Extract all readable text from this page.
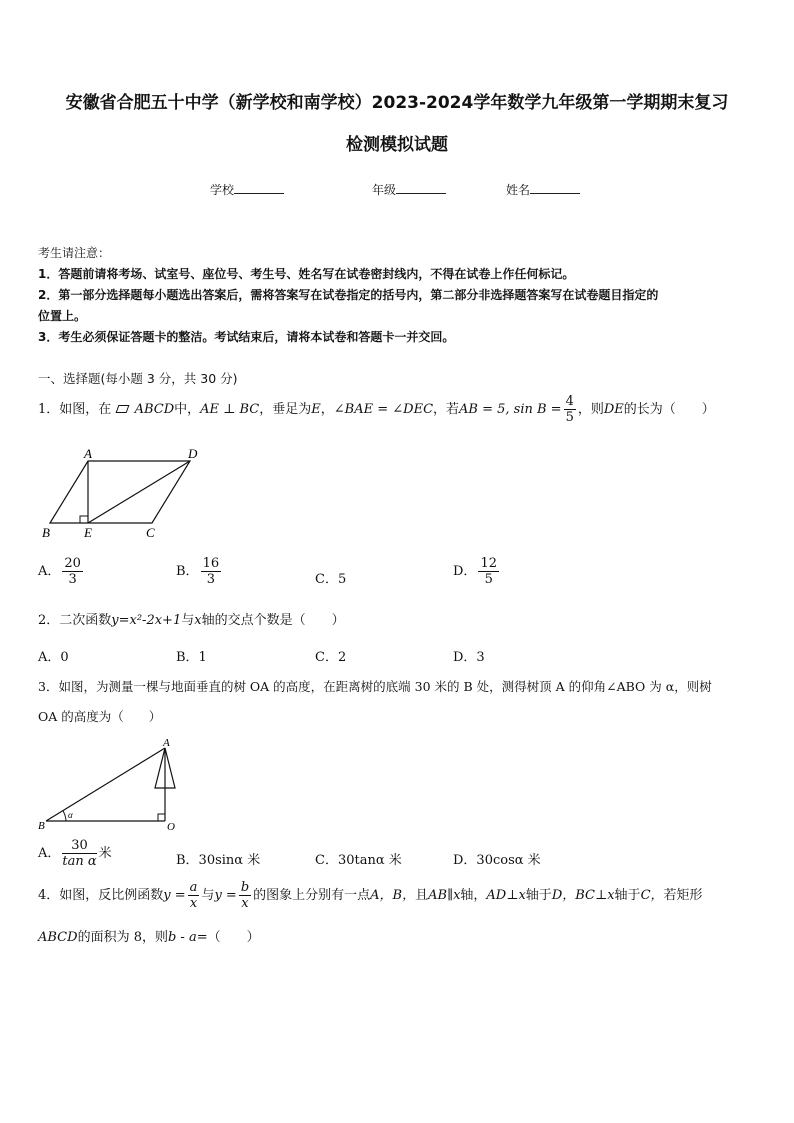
安徽省合肥五十中学（新学校和南学校）2023-2024学年数学九年级第一学期期末复习
检测模拟试题
学校	年级	姓名
考生请注意：
1．答题前请将考场、试室号、座位号、考生号、姓名写在试卷密封线内，不得在试卷上作任何标记。
2．第一部分选择题每小题选出答案后，需将答案写在试卷指定的括号内，第二部分非选择题答案写在试卷题目指定的
位置上。
3．考生必须保证答题卡的整洁。考试结束后，请将本试卷和答题卡一并交回。
一、选择题(每小题 3 分，共 30 分)
1．如图，在 ABCD中，AE ⊥ BC，垂足为E，∠BAE = ∠DEC，若AB = 5, $\sin B = \frac{4}{5}$ ，则DE的长为（　　）
A	D
B	E	C
A． $\frac{20}{3}$	B． $\frac{16}{3}$	C．5
D． $\frac{12}{5}$
2．二次函数y=x²-2x+1与x轴的交点个数是（　　）
A．0	B．1	C．2	D．3
3．如图，为测量一棵与地面垂直的树 OA 的高度，在距离树的底端 30 米的 B 处，测得树顶 A 的仰角∠ABO 为 α，则树
OA 的高度为（　　）
A
B	O
α
A． $\frac{30}{\text{tan α}}$ 米	B．30sinα 米	C．30tanα 米	D．30cosα 米
4．如图，反比例函数$y = \frac{a}{x}$ 与$y = \frac{b}{x}$ 的图象上分别有一点A，B，且AB∥x轴，AD⊥x轴于D，BC⊥x轴于C，若矩形
ABCD的面积为 8，则b - a=（　　）
